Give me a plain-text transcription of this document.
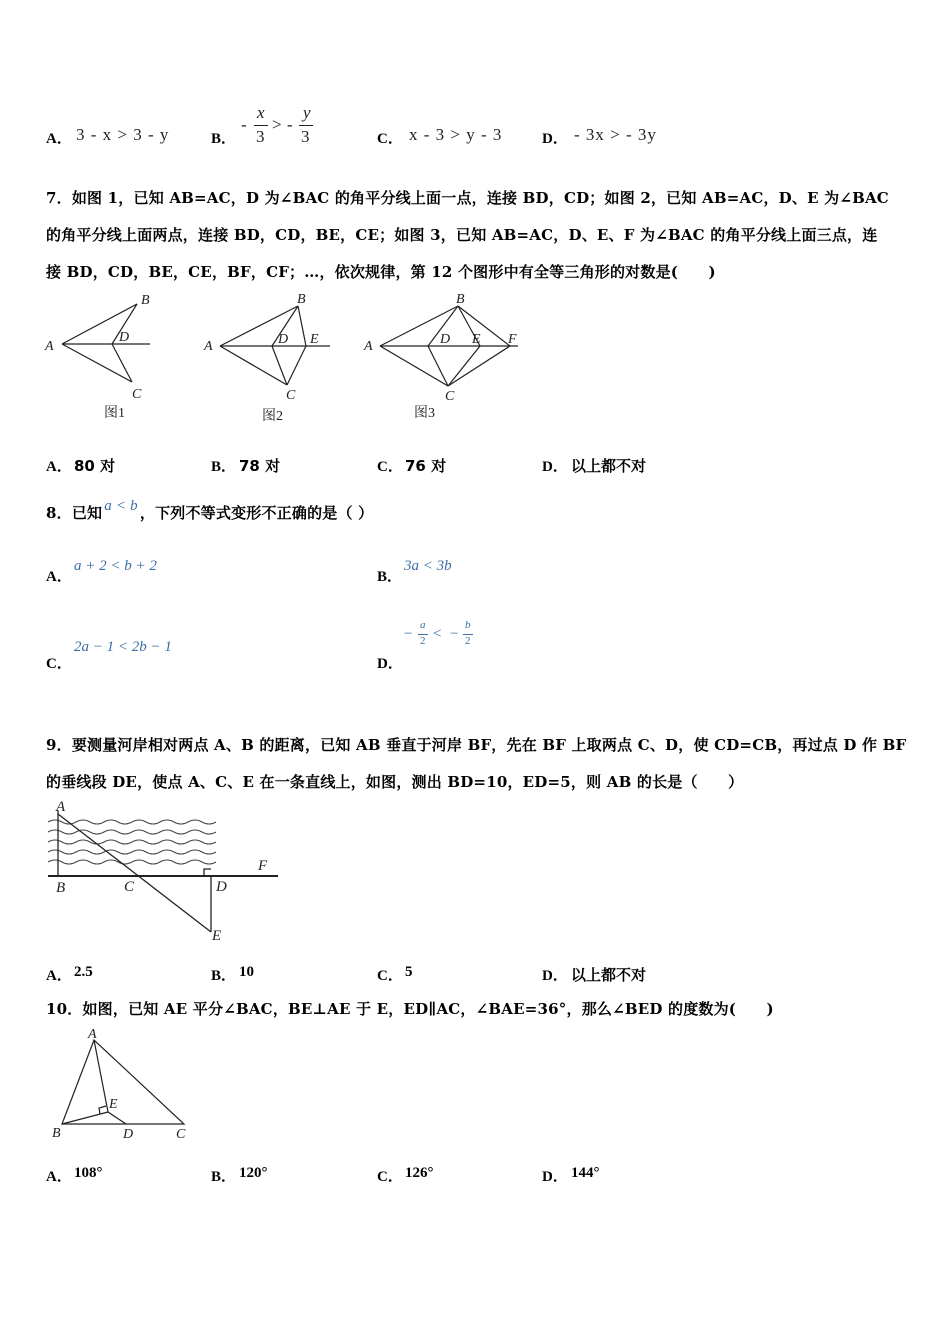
A． 3 - x > 3 - y	B．
-
x
3
> -
y
3	C． x - 3 > y - 3	D． - 3x > - 3y
7．如图 1，已知 AB=AC，D 为∠BAC 的角平分线上面一点，连接 BD，CD；如图 2，已知 AB=AC，D、E 为∠BAC
的角平分线上面两点，连接 BD，CD，BE，CE；如图 3，已知 AB=AC，D、E、F 为∠BAC 的角平分线上面三点，连
接 BD，CD，BE，CE，BF，CF；…，依次规律，第 12 个图形中有全等三角形的对数是(　　)
A
B
C
D
A
B
C
D E	A
B
C
D E F
图1	图2	图3
A． 80 对	B． 78 对	C． 76 对	D． 以上都不对
8．已知 a < b ，下列不等式变形不正确的是（ ）
A．
a + 2 < b + 2
B．
3a < 3b
C．
2a − 1 < 2b − 1
D．
−
a
2 < −
b
2
9．要测量河岸相对两点 A、B 的距离，已知 AB 垂直于河岸 BF，先在 BF 上取两点 C、D，使 CD=CB，再过点 D 作 BF
的垂线段 DE，使点 A、C、E 在一条直线上，如图，测出 BD=10，ED=5，则 AB 的长是（　　）
A
B	C	D
E
F
A． 2.5	B． 10	C． 5	D． 以上都不对
10．如图，已知 AE 平分∠BAC，BE⊥AE 于 E，ED∥AC，∠BAE=36°，那么∠BED 的度数为(　　)
A
B	C
D
E
A． 108°	B． 120°	C． 126°	D． 144°
